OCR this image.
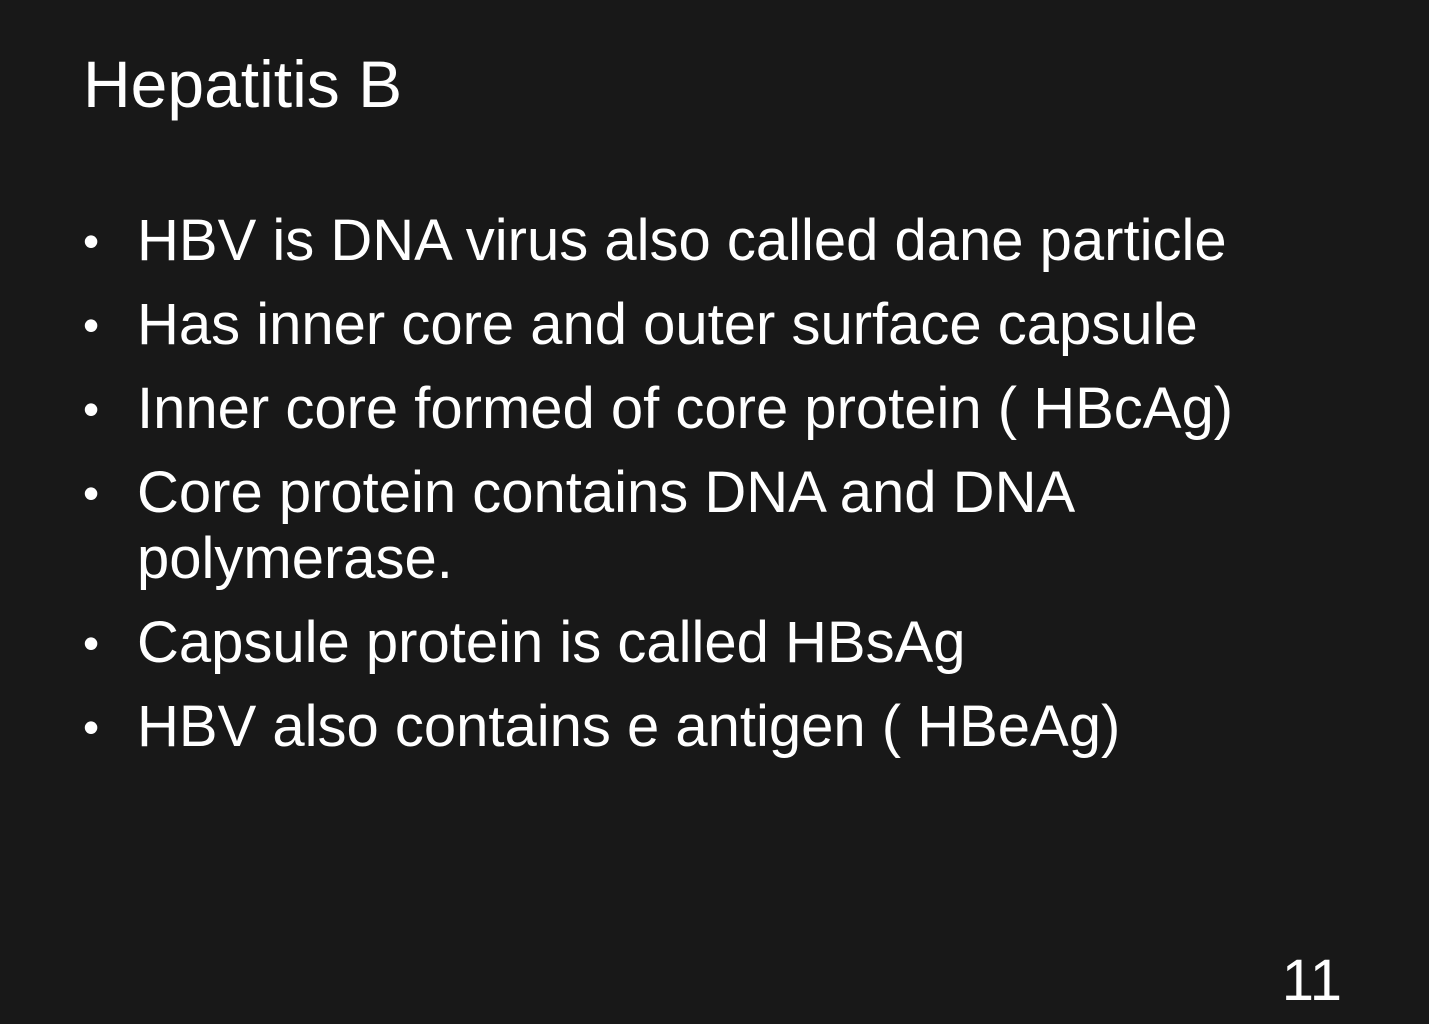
Hepatitis B
• HBV is DNA virus also called dane particle
• Has inner core and outer surface capsule
• Inner core formed of core protein ( HBcAg)
• Core protein contains DNA and DNA
polymerase.
• Capsule protein is called HBsAg
• HBV also contains e antigen ( HBeAg)
11
